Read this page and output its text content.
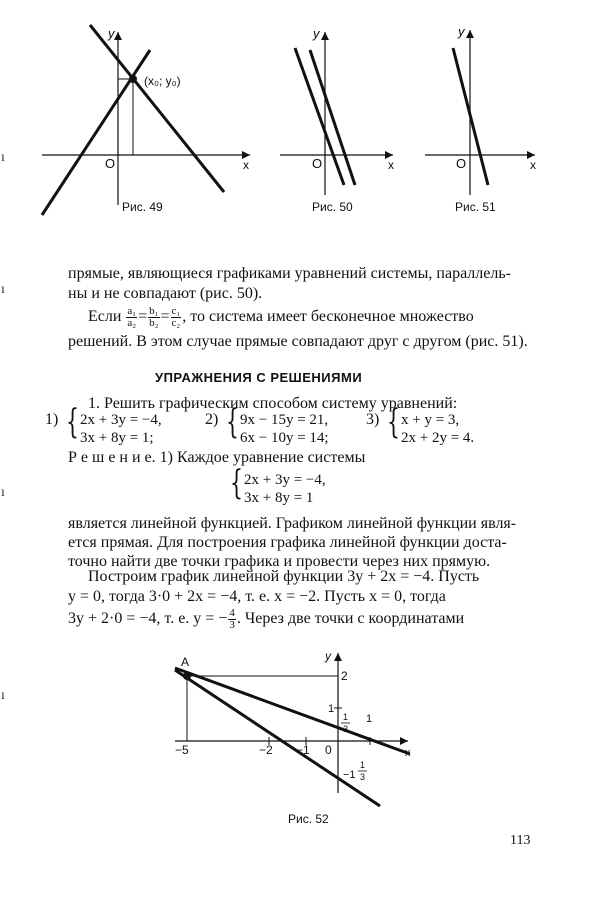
y
x
O
(x₀; y₀)
Рис. 49
y
x
O
Рис. 50
y
x
O
Рис. 51
прямые, являющиеся графиками уравнений системы, параллель-
ны и не совпадают (рис. 50).
Если $\frac{\text{a₁}}{\text{a₂}} = \frac{\text{b₁}}{\text{b₂}} = \frac{\text{c₁}}{\text{c₂}}$ , то система имеет бесконечное множество
решений. В этом случае прямые совпадают друг с другом (рис. 51).
УПРАЖНЕНИЯ С РЕШЕНИЯМИ
1. Решить графическим способом систему уравнений:
1) { 2x + 3y = −4,
3x + 8y = 1;
2) { 9x − 15y = 21,
6x − 10y = 14;
3) { x + y = 3,
2x + 2y = 4.
Р е ш е н и е. 1) Каждое уравнение системы
{ 2x + 3y = −4,
3x + 8y = 1
является линейной функцией. Графиком линейной функции явля-
ется прямая. Для построения графика линейной функции доста-
точно найти две точки графика и провести через них прямую.
Построим график линейной функции 3y + 2x = −4. Пусть
y = 0, тогда 3·0 + 2x = −4, т. е. x = −2. Пусть x = 0, тогда
3y + 2·0 = −4, т. е. y = − $\frac{4}{3}$ . Через две точки с координатами
A	y
x
2
1
1
3
1
0
−5	−2 −1
−1
1
3
Рис. 52
113
ı
ı
ı
ı
